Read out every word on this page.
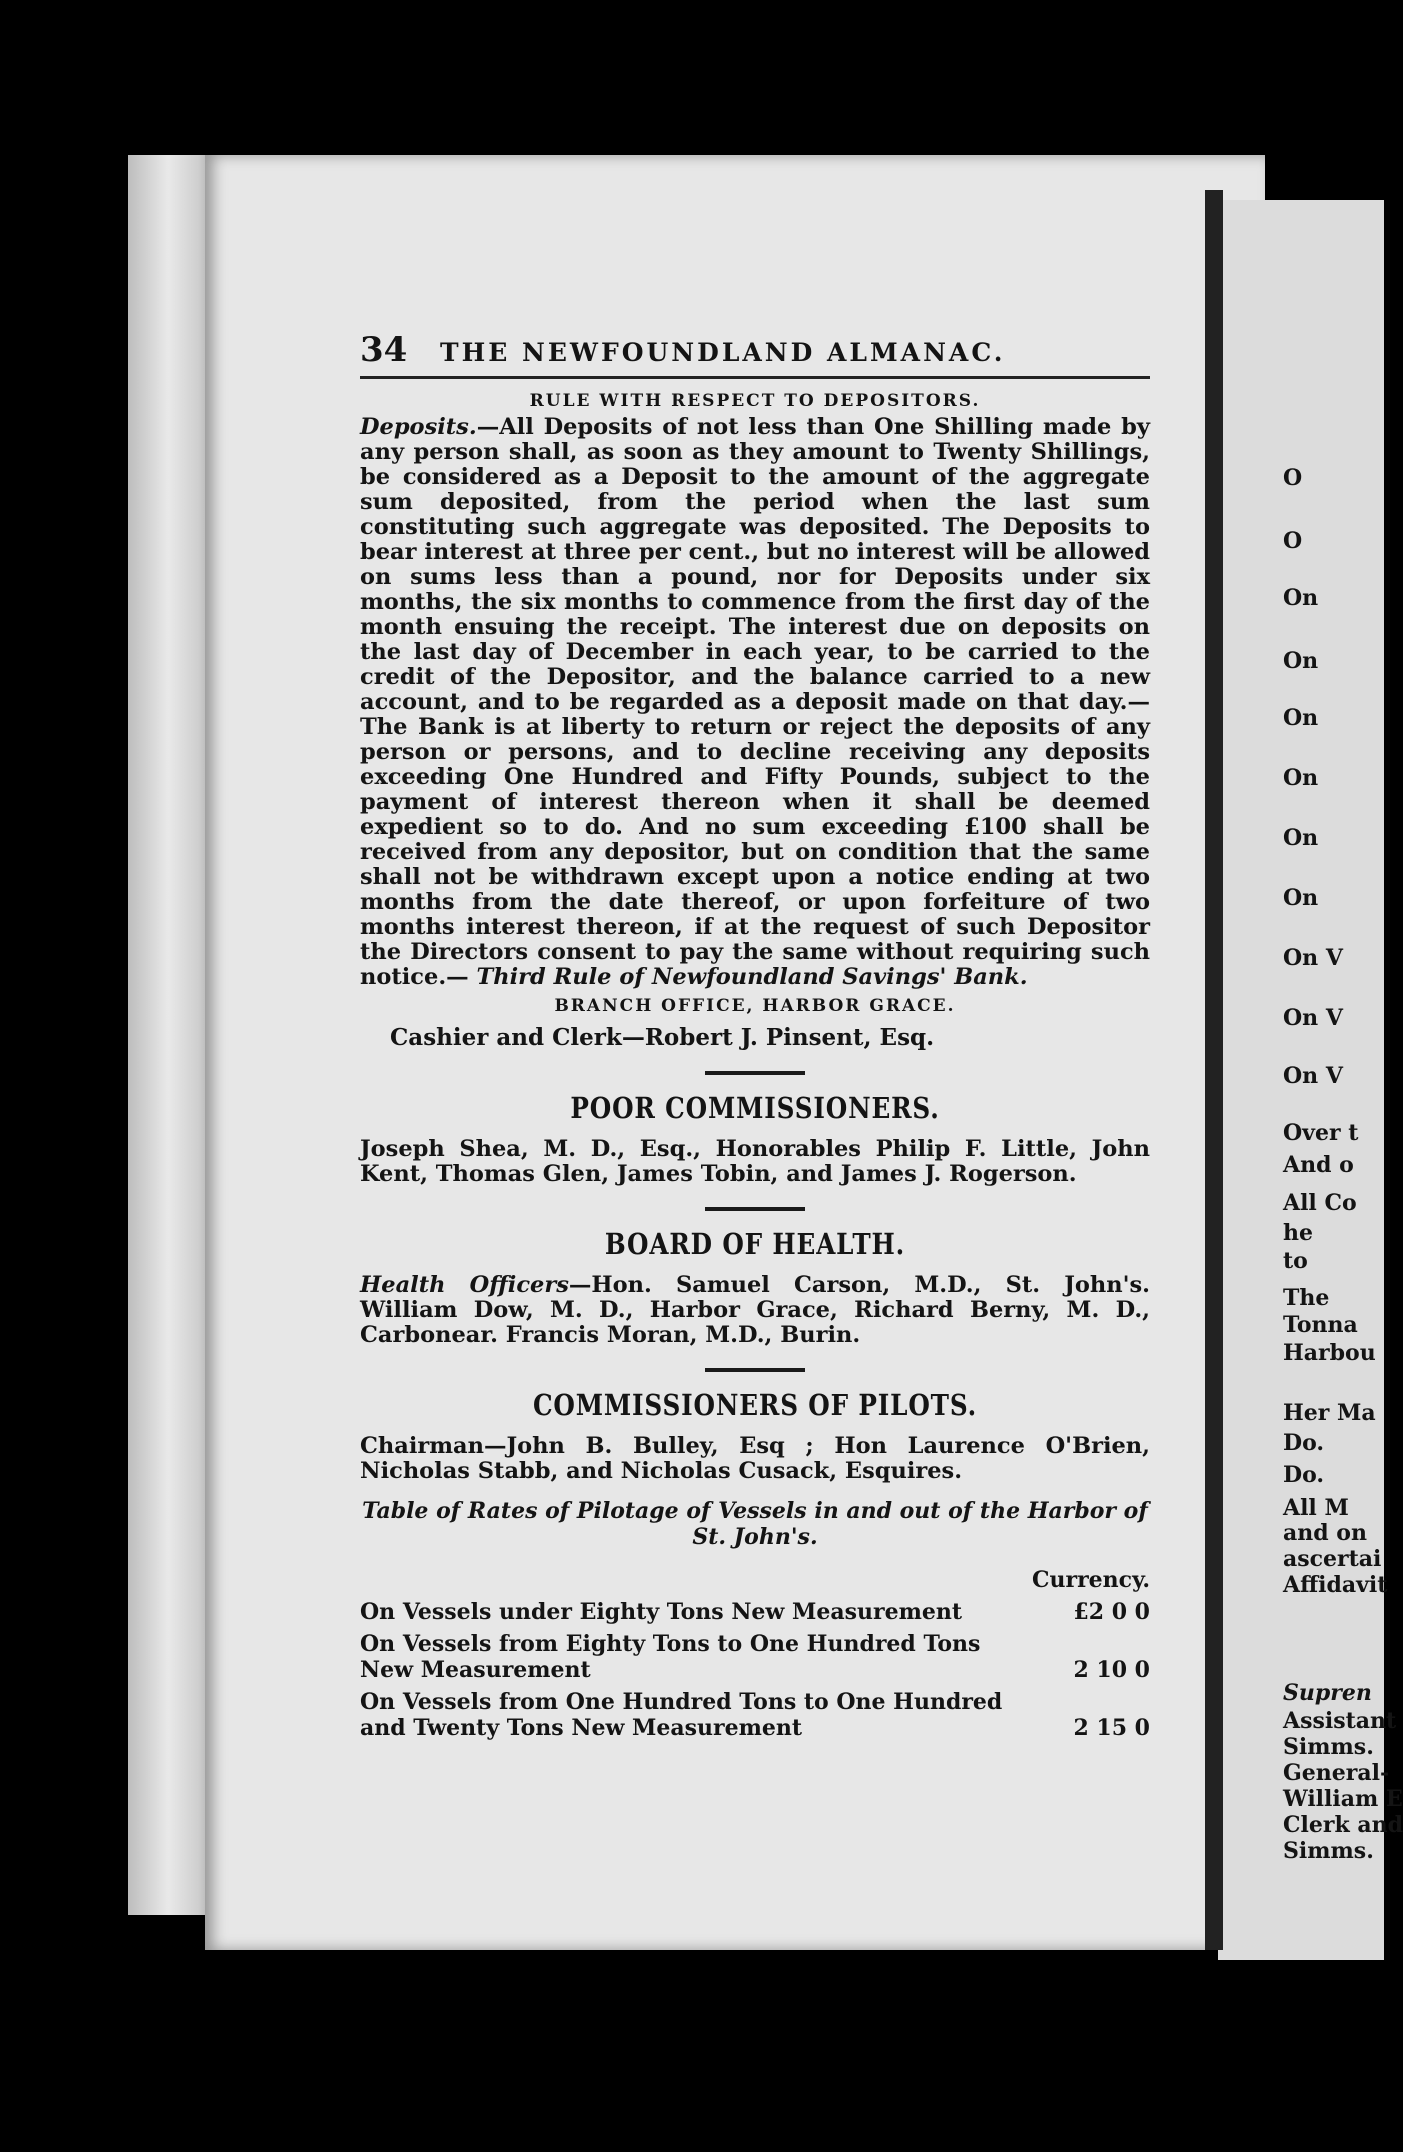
34	THE NEWFOUNDLAND ALMANAC.
RULE WITH RESPECT TO DEPOSITORS.

Deposits.—All Deposits of not less than One Shilling made by any person shall, as soon as they amount to Twenty Shillings, be considered as a Deposit to the amount of the aggregate sum deposited, from the period when the last sum constituting such aggregate was deposited. The Deposits to bear interest at three per cent., but no interest will be allowed on sums less than a pound, nor for Deposits under six months, the six months to commence from the first day of the month ensuing the receipt. The interest due on deposits on the last day of December in each year, to be carried to the credit of the Depositor, and the balance carried to a new account, and to be regarded as a deposit made on that day.—The Bank is at liberty to return or reject the deposits of any person or persons, and to decline receiving any deposits exceeding One Hundred and Fifty Pounds, subject to the payment of interest thereon when it shall be deemed expedient so to do. And no sum exceeding £100 shall be received from any depositor, but on condition that the same shall not be withdrawn except upon a notice ending at two months from the date thereof, or upon forfeiture of two months interest thereon, if at the request of such Depositor the Directors consent to pay the same without requiring such notice.— Third Rule of Newfoundland Savings' Bank.

BRANCH OFFICE, HARBOR GRACE.
Cashier and Clerk—Robert J. Pinsent, Esq.
POOR COMMISSIONERS.

Joseph Shea, M. D., Esq., Honorables Philip F. Little, John Kent, Thomas Glen, James Tobin, and James J. Rogerson.

BOARD OF HEALTH.

Health Officers—Hon. Samuel Carson, M.D., St. John's. William Dow, M. D., Harbor Grace, Richard Berny, M. D., Carbonear. Francis Moran, M.D., Burin.

COMMISSIONERS OF PILOTS.

Chairman—John B. Bulley, Esq ; Hon Laurence O'Brien, Nicholas Stabb, and Nicholas Cusack, Esquires.

Table of Rates of Pilotage of Vessels in and out of the Harbor of St. John's.
	Currency.
On Vessels under Eighty Tons New Measurement	£2 0 0
On Vessels from Eighty Tons to One Hundred Tons New Measurement	2 10 0
On Vessels from One Hundred Tons to One Hundred and Twenty Tons New Measurement	2 15 0
O
O
On
On
On
On
On
On
On V
On V
On V
Over t
And o
All Co
he
to
The
Tonna
Harbou
Her Ma
Do.
Do.
All M
and on
ascertai
Affidavit
Supren
Assistant
Simms.
General-
William E
Clerk and
Simms.
